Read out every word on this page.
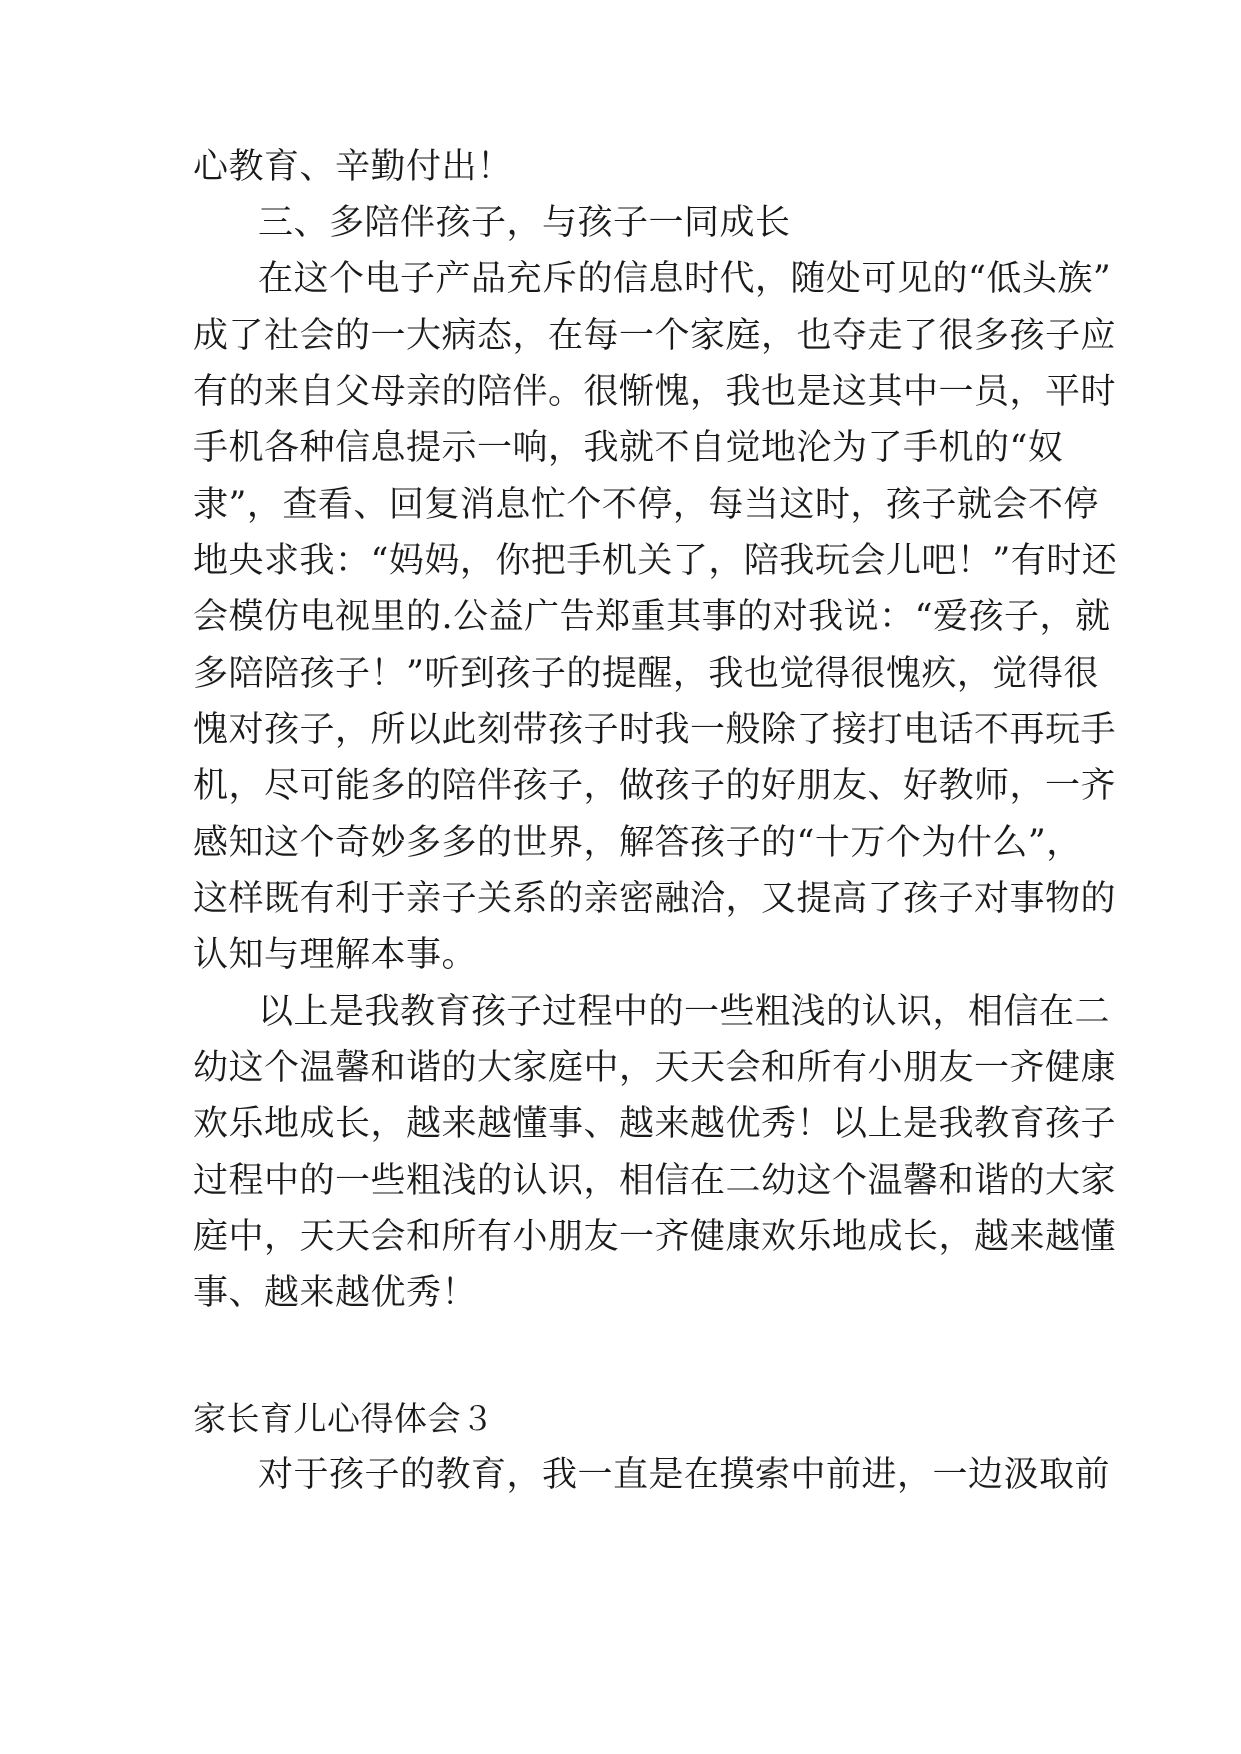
心教育、辛勤付出！
三、多陪伴孩子，与孩子一同成长
在这个电子产品充斥的信息时代，随处可见的“低头族”
成了社会的一大病态，在每一个家庭，也夺走了很多孩子应
有的来自父母亲的陪伴。很惭愧，我也是这其中一员，平时
手机各种信息提示一响，我就不自觉地沦为了手机的“奴
隶”，查看、回复消息忙个不停，每当这时，孩子就会不停
地央求我：“妈妈，你把手机关了，陪我玩会儿吧！”有时还
会模仿电视里的.公益广告郑重其事的对我说：“爱孩子，就
多陪陪孩子！”听到孩子的提醒，我也觉得很愧疚，觉得很
愧对孩子，所以此刻带孩子时我一般除了接打电话不再玩手
机，尽可能多的陪伴孩子，做孩子的好朋友、好教师，一齐
感知这个奇妙多多的世界，解答孩子的“十万个为什么”，
这样既有利于亲子关系的亲密融洽，又提高了孩子对事物的
认知与理解本事。
以上是我教育孩子过程中的一些粗浅的认识，相信在二
幼这个温馨和谐的大家庭中，天天会和所有小朋友一齐健康
欢乐地成长，越来越懂事、越来越优秀！以上是我教育孩子
过程中的一些粗浅的认识，相信在二幼这个温馨和谐的大家
庭中，天天会和所有小朋友一齐健康欢乐地成长，越来越懂
事、越来越优秀！
家长育儿心得体会３
对于孩子的教育，我一直是在摸索中前进，一边汲取前
